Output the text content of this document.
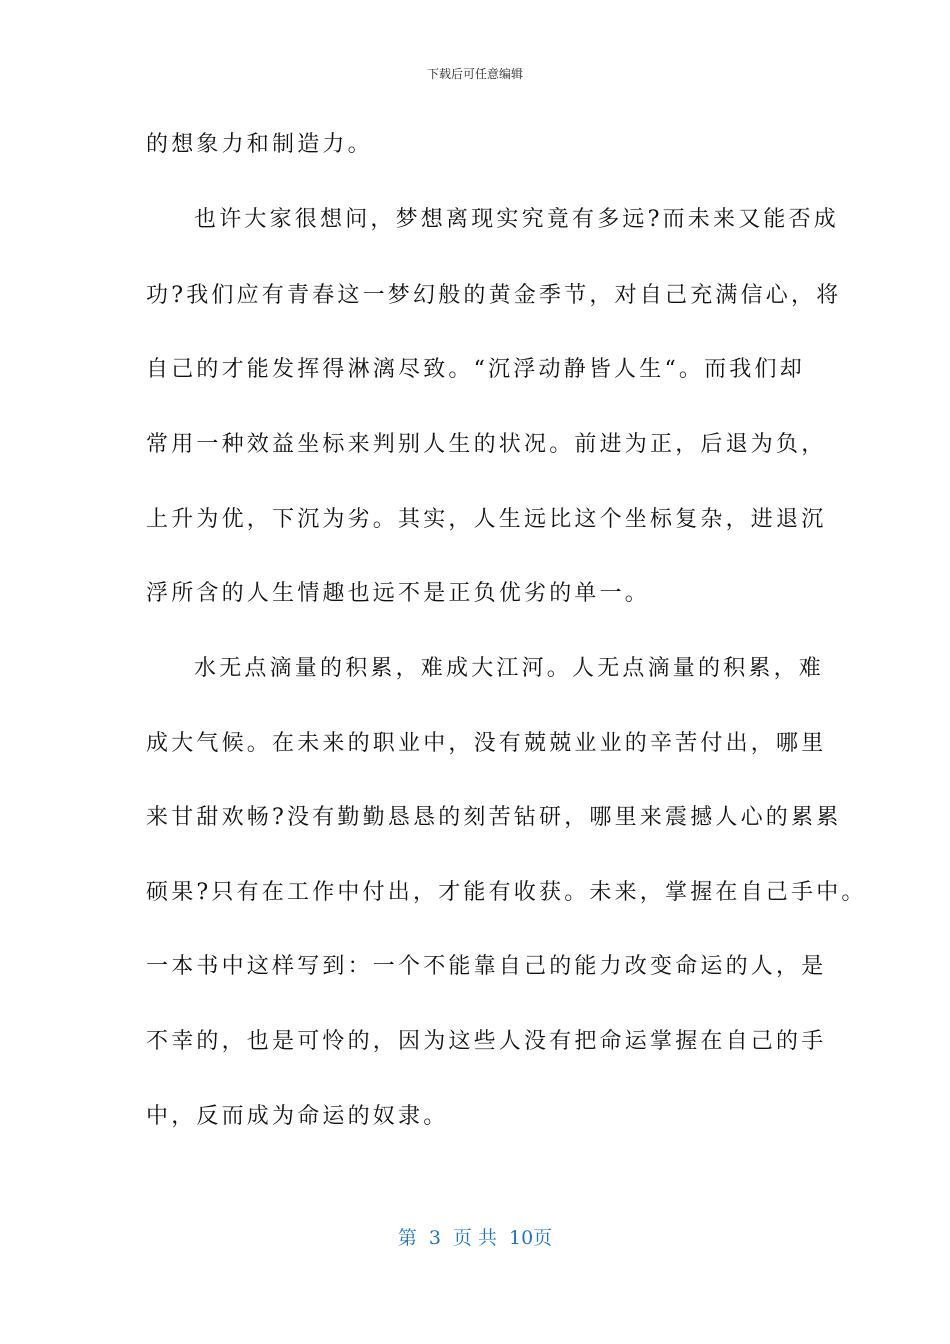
下载后可任意编辑
的想象力和制造力。
也许大家很想问，梦想离现实究竟有多远?而未来又能否成
功?我们应有青春这一梦幻般的黄金季节，对自己充满信心，将
自己的才能发挥得淋漓尽致。“沉浮动静皆人生“。而我们却
常用一种效益坐标来判别人生的状况。前进为正，后退为负，
上升为优，下沉为劣。其实，人生远比这个坐标复杂，进退沉
浮所含的人生情趣也远不是正负优劣的单一。
水无点滴量的积累，难成大江河。人无点滴量的积累，难
成大气候。在未来的职业中，没有兢兢业业的辛苦付出，哪里
来甘甜欢畅?没有勤勤恳恳的刻苦钻研，哪里来震撼人心的累累
硕果?只有在工作中付出，才能有收获。未来，掌握在自己手中。
一本书中这样写到：一个不能靠自己的能力改变命运的人，是
不幸的，也是可怜的，因为这些人没有把命运掌握在自己的手
中，反而成为命运的奴隶。
第 3 页 共 10页
